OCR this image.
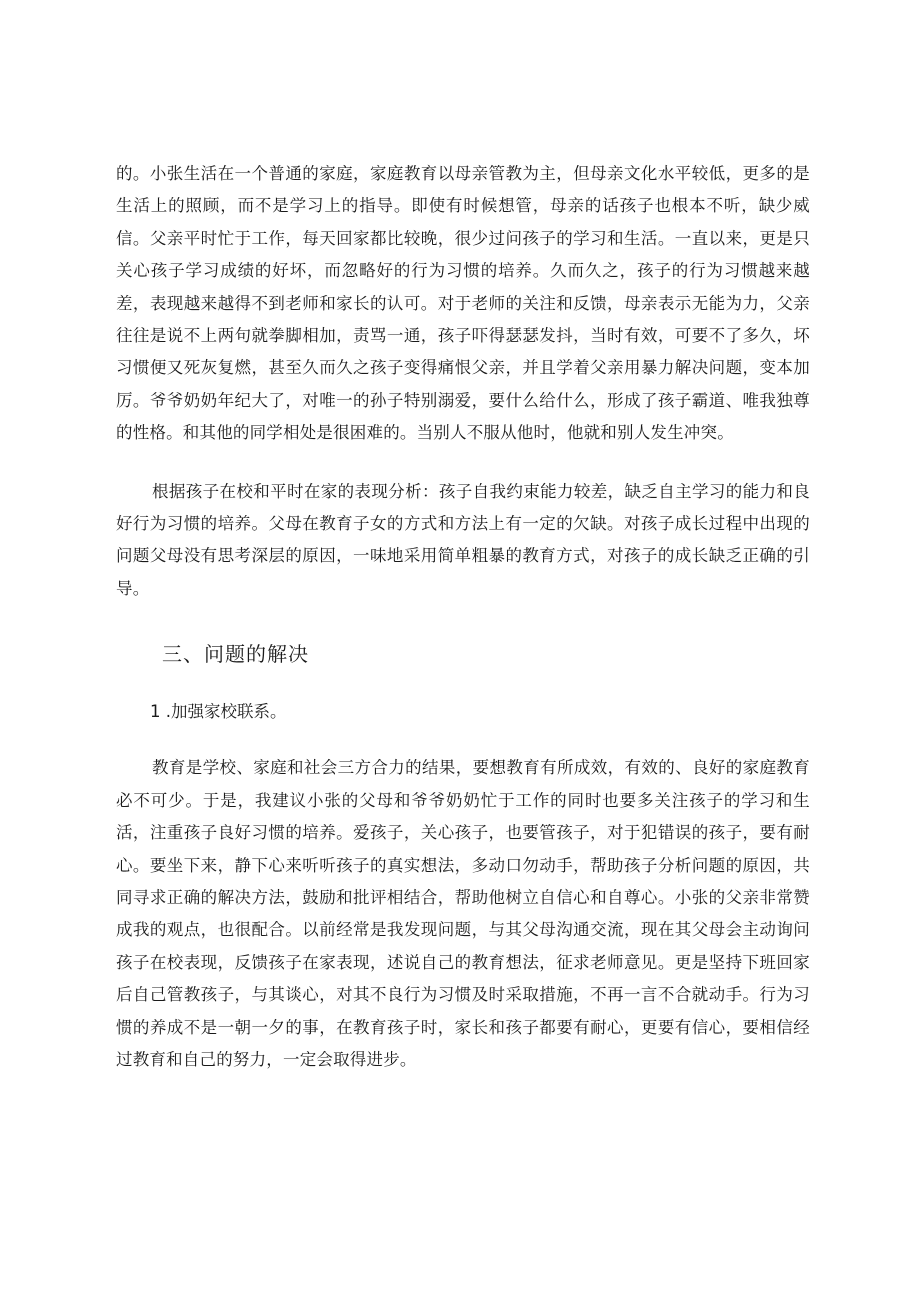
的。小张生活在一个普通的家庭，家庭教育以母亲管教为主，但母亲文化水平较低，更多的是生活上的照顾，而不是学习上的指导。即使有时候想管，母亲的话孩子也根本不听，缺少威信。父亲平时忙于工作，每天回家都比较晚，很少过问孩子的学习和生活。一直以来，更是只关心孩子学习成绩的好坏，而忽略好的行为习惯的培养。久而久之，孩子的行为习惯越来越差，表现越来越得不到老师和家长的认可。对于老师的关注和反馈，母亲表示无能为力，父亲往往是说不上两句就拳脚相加，责骂一通，孩子吓得瑟瑟发抖，当时有效，可要不了多久，坏习惯便又死灰复燃，甚至久而久之孩子变得痛恨父亲，并且学着父亲用暴力解决问题，变本加厉。爷爷奶奶年纪大了，对唯一的孙子特别溺爱，要什么给什么，形成了孩子霸道、唯我独尊的性格。和其他的同学相处是很困难的。当别人不服从他时，他就和别人发生冲突。

根据孩子在校和平时在家的表现分析：孩子自我约束能力较差，缺乏自主学习的能力和良好行为习惯的培养。父母在教育子女的方式和方法上有一定的欠缺。对孩子成长过程中出现的问题父母没有思考深层的原因，一味地采用简单粗暴的教育方式，对孩子的成长缺乏正确的引导。

三、问题的解决

1 .加强家校联系。

教育是学校、家庭和社会三方合力的结果，要想教育有所成效，有效的、良好的家庭教育必不可少。于是，我建议小张的父母和爷爷奶奶忙于工作的同时也要多关注孩子的学习和生活，注重孩子良好习惯的培养。爱孩子，关心孩子，也要管孩子，对于犯错误的孩子，要有耐心。要坐下来，静下心来听听孩子的真实想法，多动口勿动手，帮助孩子分析问题的原因，共同寻求正确的解决方法，鼓励和批评相结合，帮助他树立自信心和自尊心。小张的父亲非常赞成我的观点，也很配合。以前经常是我发现问题，与其父母沟通交流，现在其父母会主动询问孩子在校表现，反馈孩子在家表现，述说自己的教育想法，征求老师意见。更是坚持下班回家后自己管教孩子，与其谈心，对其不良行为习惯及时采取措施，不再一言不合就动手。行为习惯的养成不是一朝一夕的事，在教育孩子时，家长和孩子都要有耐心，更要有信心，要相信经过教育和自己的努力，一定会取得进步。
